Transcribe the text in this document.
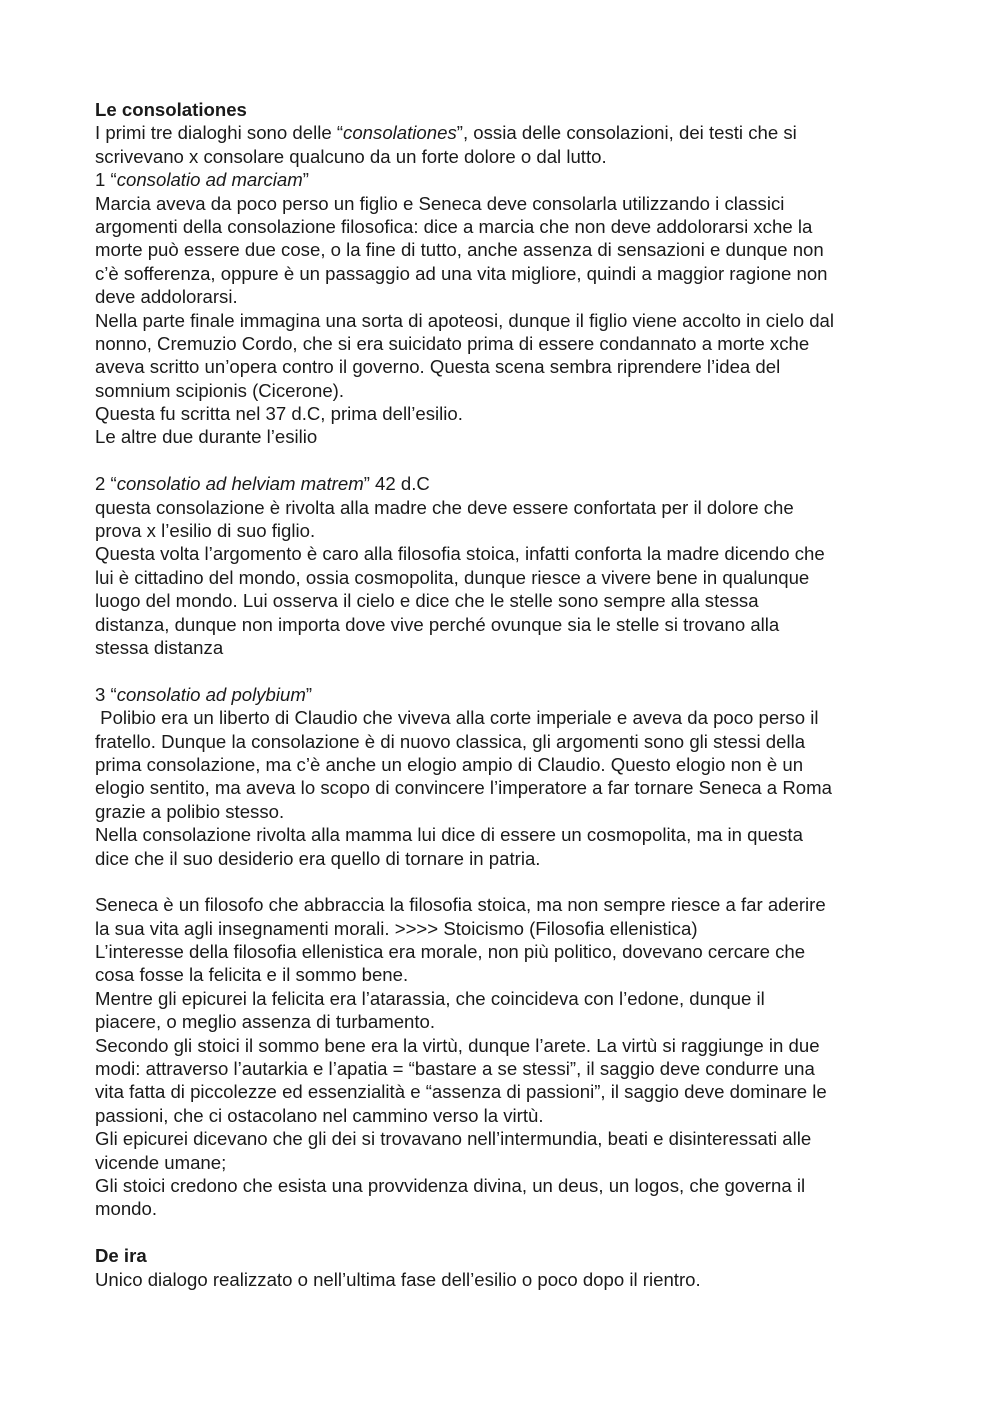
Le consolationes
I primi tre dialoghi sono delle “consolationes”, ossia delle consolazioni, dei testi che si
scrivevano x consolare qualcuno da un forte dolore o dal lutto.
1 “consolatio ad marciam”
Marcia aveva da poco perso un figlio e Seneca deve consolarla utilizzando i classici
argomenti della consolazione filosofica: dice a marcia che non deve addolorarsi xche la
morte può essere due cose, o la fine di tutto, anche assenza di sensazioni e dunque non
c’è sofferenza, oppure è un passaggio ad una vita migliore, quindi a maggior ragione non
deve addolorarsi.
Nella parte finale immagina una sorta di apoteosi, dunque il figlio viene accolto in cielo dal
nonno, Cremuzio Cordo, che si era suicidato prima di essere condannato a morte xche
aveva scritto un’opera contro il governo. Questa scena sembra riprendere l’idea del
somnium scipionis (Cicerone).
Questa fu scritta nel 37 d.C, prima dell’esilio.
Le altre due durante l’esilio
2 “consolatio ad helviam matrem” 42 d.C
questa consolazione è rivolta alla madre che deve essere confortata per il dolore che
prova x l’esilio di suo figlio.
Questa volta l’argomento è caro alla filosofia stoica, infatti conforta la madre dicendo che
lui è cittadino del mondo, ossia cosmopolita, dunque riesce a vivere bene in qualunque
luogo del mondo. Lui osserva il cielo e dice che le stelle sono sempre alla stessa
distanza, dunque non importa dove vive perché ovunque sia le stelle si trovano alla
stessa distanza
3 “consolatio ad polybium”
Polibio era un liberto di Claudio che viveva alla corte imperiale e aveva da poco perso il
fratello. Dunque la consolazione è di nuovo classica, gli argomenti sono gli stessi della
prima consolazione, ma c’è anche un elogio ampio di Claudio. Questo elogio non è un
elogio sentito, ma aveva lo scopo di convincere l’imperatore a far tornare Seneca a Roma
grazie a polibio stesso.
Nella consolazione rivolta alla mamma lui dice di essere un cosmopolita, ma in questa
dice che il suo desiderio era quello di tornare in patria.
Seneca è un filosofo che abbraccia la filosofia stoica, ma non sempre riesce a far aderire
la sua vita agli insegnamenti morali. >>>> Stoicismo (Filosofia ellenistica)
L’interesse della filosofia ellenistica era morale, non più politico, dovevano cercare che
cosa fosse la felicita e il sommo bene.
Mentre gli epicurei la felicita era l’atarassia, che coincideva con l’edone, dunque il
piacere, o meglio assenza di turbamento.
Secondo gli stoici il sommo bene era la virtù, dunque l’arete. La virtù si raggiunge in due
modi: attraverso l’autarkia e l’apatia = “bastare a se stessi”, il saggio deve condurre una
vita fatta di piccolezze ed essenzialità e “assenza di passioni”, il saggio deve dominare le
passioni, che ci ostacolano nel cammino verso la virtù.
Gli epicurei dicevano che gli dei si trovavano nell’intermundia, beati e disinteressati alle
vicende umane;
Gli stoici credono che esista una provvidenza divina, un deus, un logos, che governa il
mondo.
De ira
Unico dialogo realizzato o nell’ultima fase dell’esilio o poco dopo il rientro.
